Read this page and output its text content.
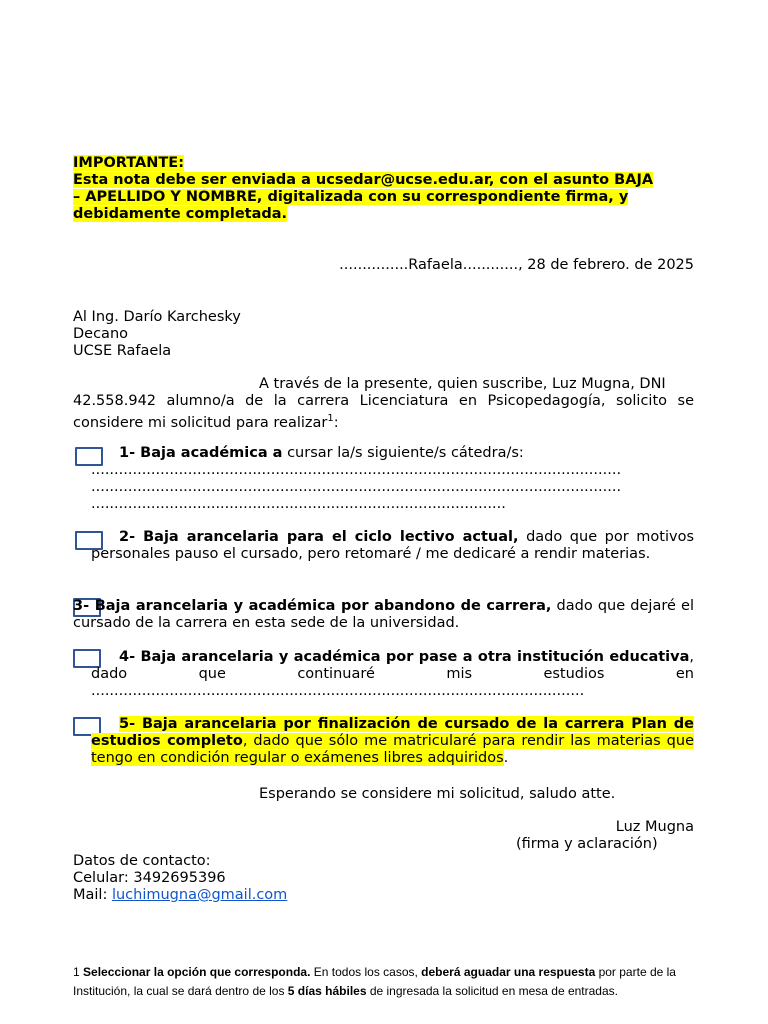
IMPORTANTE:
Esta nota debe ser enviada a ucsedar@ucse.edu.ar, con el asunto BAJA
– APELLIDO Y NOMBRE, digitalizada con su correspondiente firma, y
debidamente completada.
...............Rafaela............, 28 de febrero. de 2025
Al Ing. Darío Karchesky
Decano
UCSE Rafaela
A través de la presente, quien suscribe, Luz Mugna, DNI
42.558.942 alumno/a de la carrera Licenciatura en Psicopedagogía, solicito se
considere mi solicitud para realizar$^1$:
1- Baja académica a cursar la/s siguiente/s cátedra/s:
...................................................................................................................
...................................................................................................................
..........................................................................................
2- Baja arancelaria para el ciclo lectivo actual, dado que por motivos personales pauso el cursado, pero retomaré / me dedicaré a rendir materias.
3- Baja arancelaria y académica por abandono de carrera, dado que dejaré el cursado de la carrera en esta sede de la universidad.
4- Baja arancelaria y académica por pase a otra institución educativa, dado que continuaré mis estudios en ...........................................................................................................
5- Baja arancelaria por finalización de cursado de la carrera Plan de estudios completo, dado que sólo me matricularé para rendir las materias que tengo en condición regular o exámenes libres adquiridos.
Esperando se considere mi solicitud, saludo atte.
Luz Mugna
(firma y aclaración)
Datos de contacto:
Celular: 3492695396
Mail: luchimugna@gmail.com
1 Seleccionar la opción que corresponda. En todos los casos, deberá aguadar una respuesta por parte de la Institución, la cual se dará dentro de los 5 días hábiles de ingresada la solicitud en mesa de entradas.
